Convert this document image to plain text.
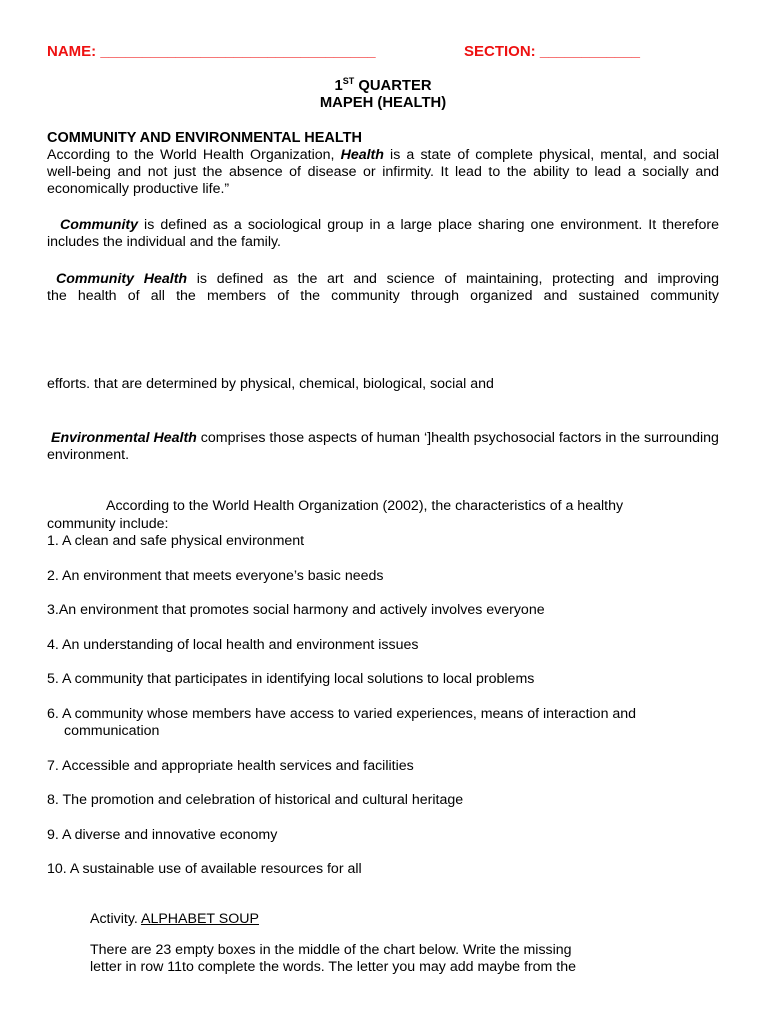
NAME: _________________________________	SECTION: ____________
1ST QUARTER
MAPEH (HEALTH)
COMMUNITY AND ENVIRONMENTAL HEALTH

According to the World Health Organization, Health is a state of complete physical, mental, and social well-being and not just the absence of disease or infirmity. It lead to the ability to lead a socially and economically productive life.”

Community is defined as a sociological group in a large place sharing one environment. It therefore includes the individual and the family.

Community Health is defined as the art and science of maintaining, protecting and improving
the health of all the members of the community through organized and sustained community
efforts. that are determined by physical, chemical, biological, social and

Environmental Health comprises those aspects of human ‘]health psychosocial factors in the surrounding environment.

According to the World Health Organization (2002), the characteristics of a healthy
community include:
1. A clean and safe physical environment
2. An environment that meets everyone’s basic needs
3.An environment that promotes social harmony and actively involves everyone
4. An understanding of local health and environment issues
5. A community that participates in identifying local solutions to local problems
6. A community whose members have access to varied experiences, means of interaction and
communication
7. Accessible and appropriate health services and facilities
8. The promotion and celebration of historical and cultural heritage
9. A diverse and innovative economy
10. A sustainable use of available resources for all
Activity. ALPHABET SOUP
There are 23 empty boxes in the middle of the chart below. Write the missing
letter in row 11to complete the words. The letter you may add maybe from the
